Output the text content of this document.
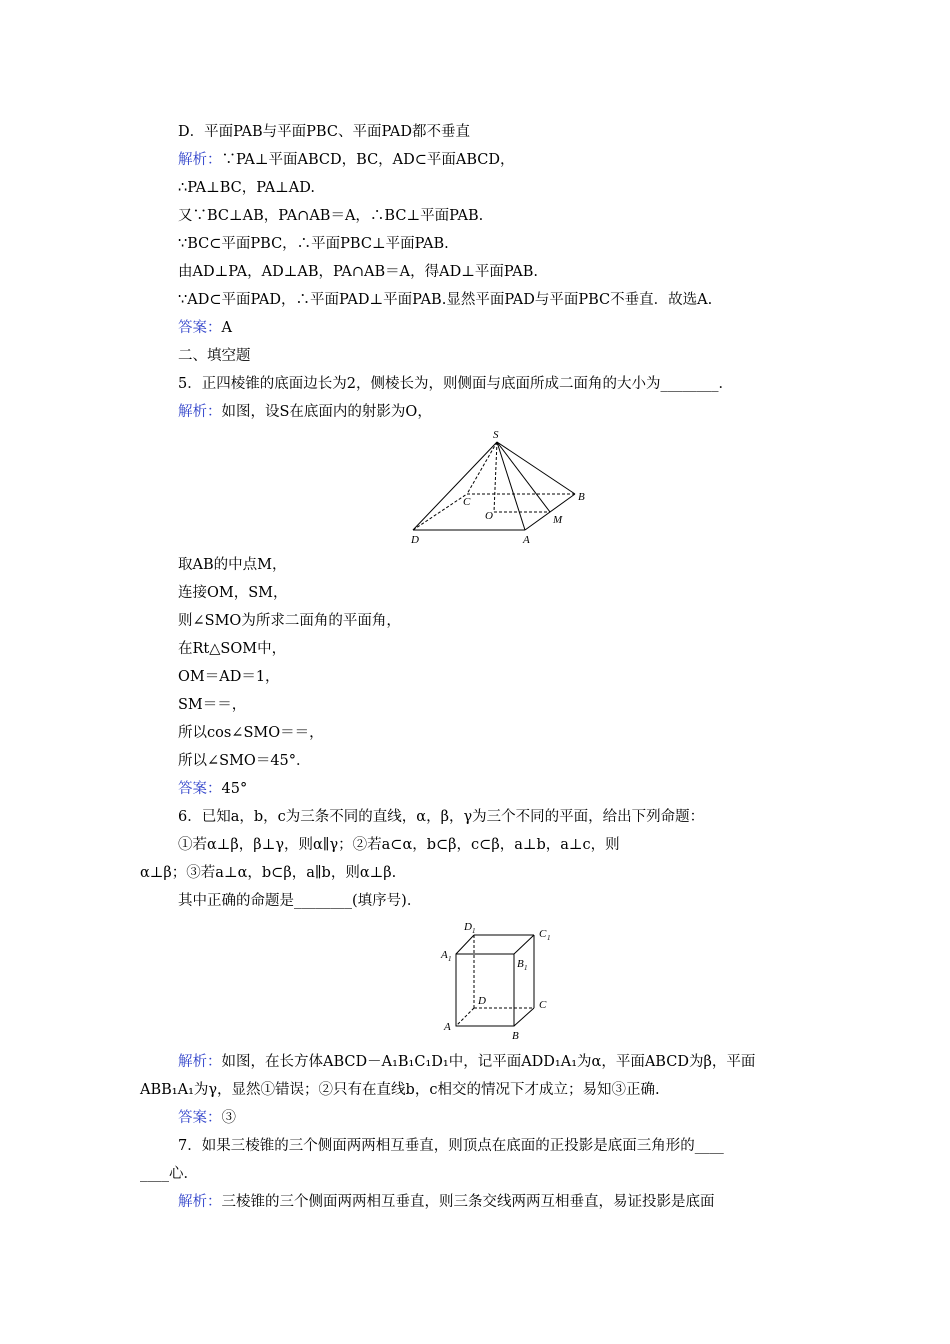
D．平面PAB与平面PBC、平面PAD都不垂直
解析：∵PA⊥平面ABCD，BC，AD⊂平面ABCD，
∴PA⊥BC，PA⊥AD.
又∵BC⊥AB，PA∩AB＝A，∴BC⊥平面PAB.
∵BC⊂平面PBC，∴平面PBC⊥平面PAB.
由AD⊥PA，AD⊥AB，PA∩AB＝A，得AD⊥平面PAB.
∵AD⊂平面PAD，∴平面PAD⊥平面PAB.显然平面PAD与平面PBC不垂直．故选A.
答案：A
二、填空题
5．正四棱锥的底面边长为2，侧棱长为，则侧面与底面所成二面角的大小为________．
解析：如图，设S在底面内的射影为O，
取AB的中点M，
连接OM，SM，
则∠SMO为所求二面角的平面角，
在Rt△SOM中，
OM＝AD＝1，
SM＝＝，
所以cos∠SMO＝＝，
所以∠SMO＝45°．
答案：45°
6．已知a，b，c为三条不同的直线，α，β，γ为三个不同的平面，给出下列命题：
①若α⊥β，β⊥γ，则α∥γ；②若a⊂α，b⊂β，c⊂β，a⊥b，a⊥c，则
α⊥β；③若a⊥α，b⊂β，a∥b，则α⊥β.
其中正确的命题是________(填序号)．
解析：如图，在长方体ABCD－A₁B₁C₁D₁中，记平面ADD₁A₁为α，平面ABCD为β，平面
ABB₁A₁为γ，显然①错误；②只有在直线b，c相交的情况下才成立；易知③正确.
答案：③
7．如果三棱锥的三个侧面两两相互垂直，则顶点在底面的正投影是底面三角形的____
____心．
解析：三棱锥的三个侧面两两相互垂直，则三条交线两两互相垂直，易证投影是底面
S
B
C
O	M
D	A
D 1	C 1
A 1	B 1
D	C
A
B
